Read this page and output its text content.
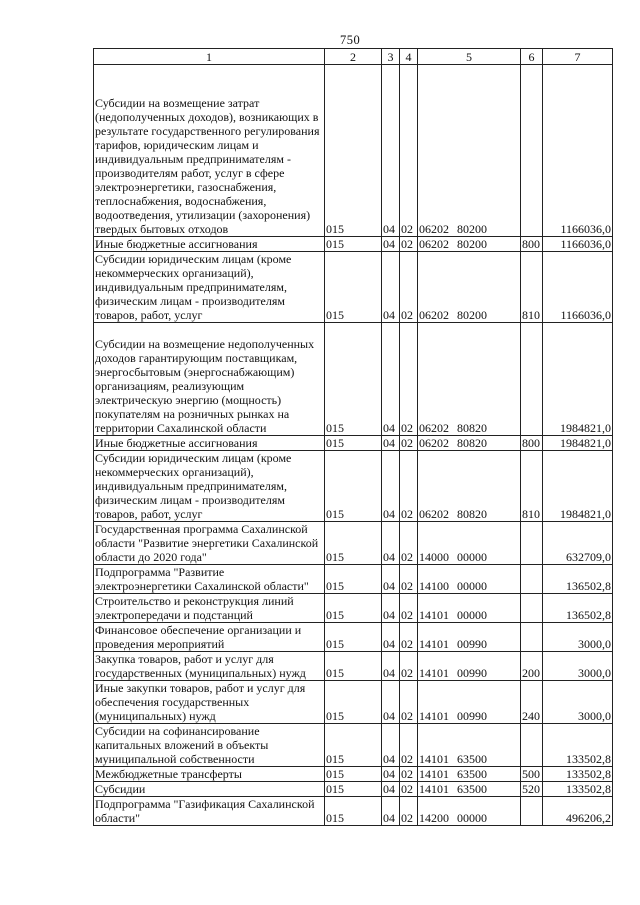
750
1	2	3	4	5	6	7
Субсидии на возмещение затрат (недополученных доходов), возникающих в результате государственного регулирования тарифов, юридическим лицам и индивидуальным предпринимателям - производителям работ, услуг в сфере электроэнергетики, газоснабжения, теплоснабжения, водоснабжения, водоотведения, утилизации (захоронения) твердых бытовых отходов	015	04	02	06202 80200		1166036,0
Иные бюджетные ассигнования	015	04	02	06202 80200	800	1166036,0
Субсидии юридическим лицам (кроме некоммерческих организаций), индивидуальным предпринимателям, физическим лицам - производителям товаров, работ, услуг	015	04	02	06202 80200	810	1166036,0
Субсидии на возмещение недополученных доходов гарантирующим поставщикам, энергосбытовым (энергоснабжающим) организациям, реализующим электрическую энергию (мощность) покупателям на розничных рынках на территории Сахалинской области	015	04	02	06202 80820		1984821,0
Иные бюджетные ассигнования	015	04	02	06202 80820	800	1984821,0
Субсидии юридическим лицам (кроме некоммерческих организаций), индивидуальным предпринимателям, физическим лицам - производителям товаров, работ, услуг	015	04	02	06202 80820	810	1984821,0
Государственная программа Сахалинской области "Развитие энергетики Сахалинской области до 2020 года"	015	04	02	14000 00000		632709,0
Подпрограмма "Развитие электроэнергетики Сахалинской области"	015	04	02	14100 00000		136502,8
Строительство и реконструкция линий электропередачи и подстанций	015	04	02	14101 00000		136502,8
Финансовое обеспечение организации и проведения мероприятий	015	04	02	14101 00990		3000,0
Закупка товаров, работ и услуг для государственных (муниципальных) нужд	015	04	02	14101 00990	200	3000,0
Иные закупки товаров, работ и услуг для обеспечения государственных (муниципальных) нужд	015	04	02	14101 00990	240	3000,0
Субсидии на софинансирование капитальных вложений в объекты муниципальной собственности	015	04	02	14101 63500		133502,8
Межбюджетные трансферты	015	04	02	14101 63500	500	133502,8
Субсидии	015	04	02	14101 63500	520	133502,8
Подпрограмма "Газификация Сахалинской области"	015	04	02	14200 00000		496206,2
